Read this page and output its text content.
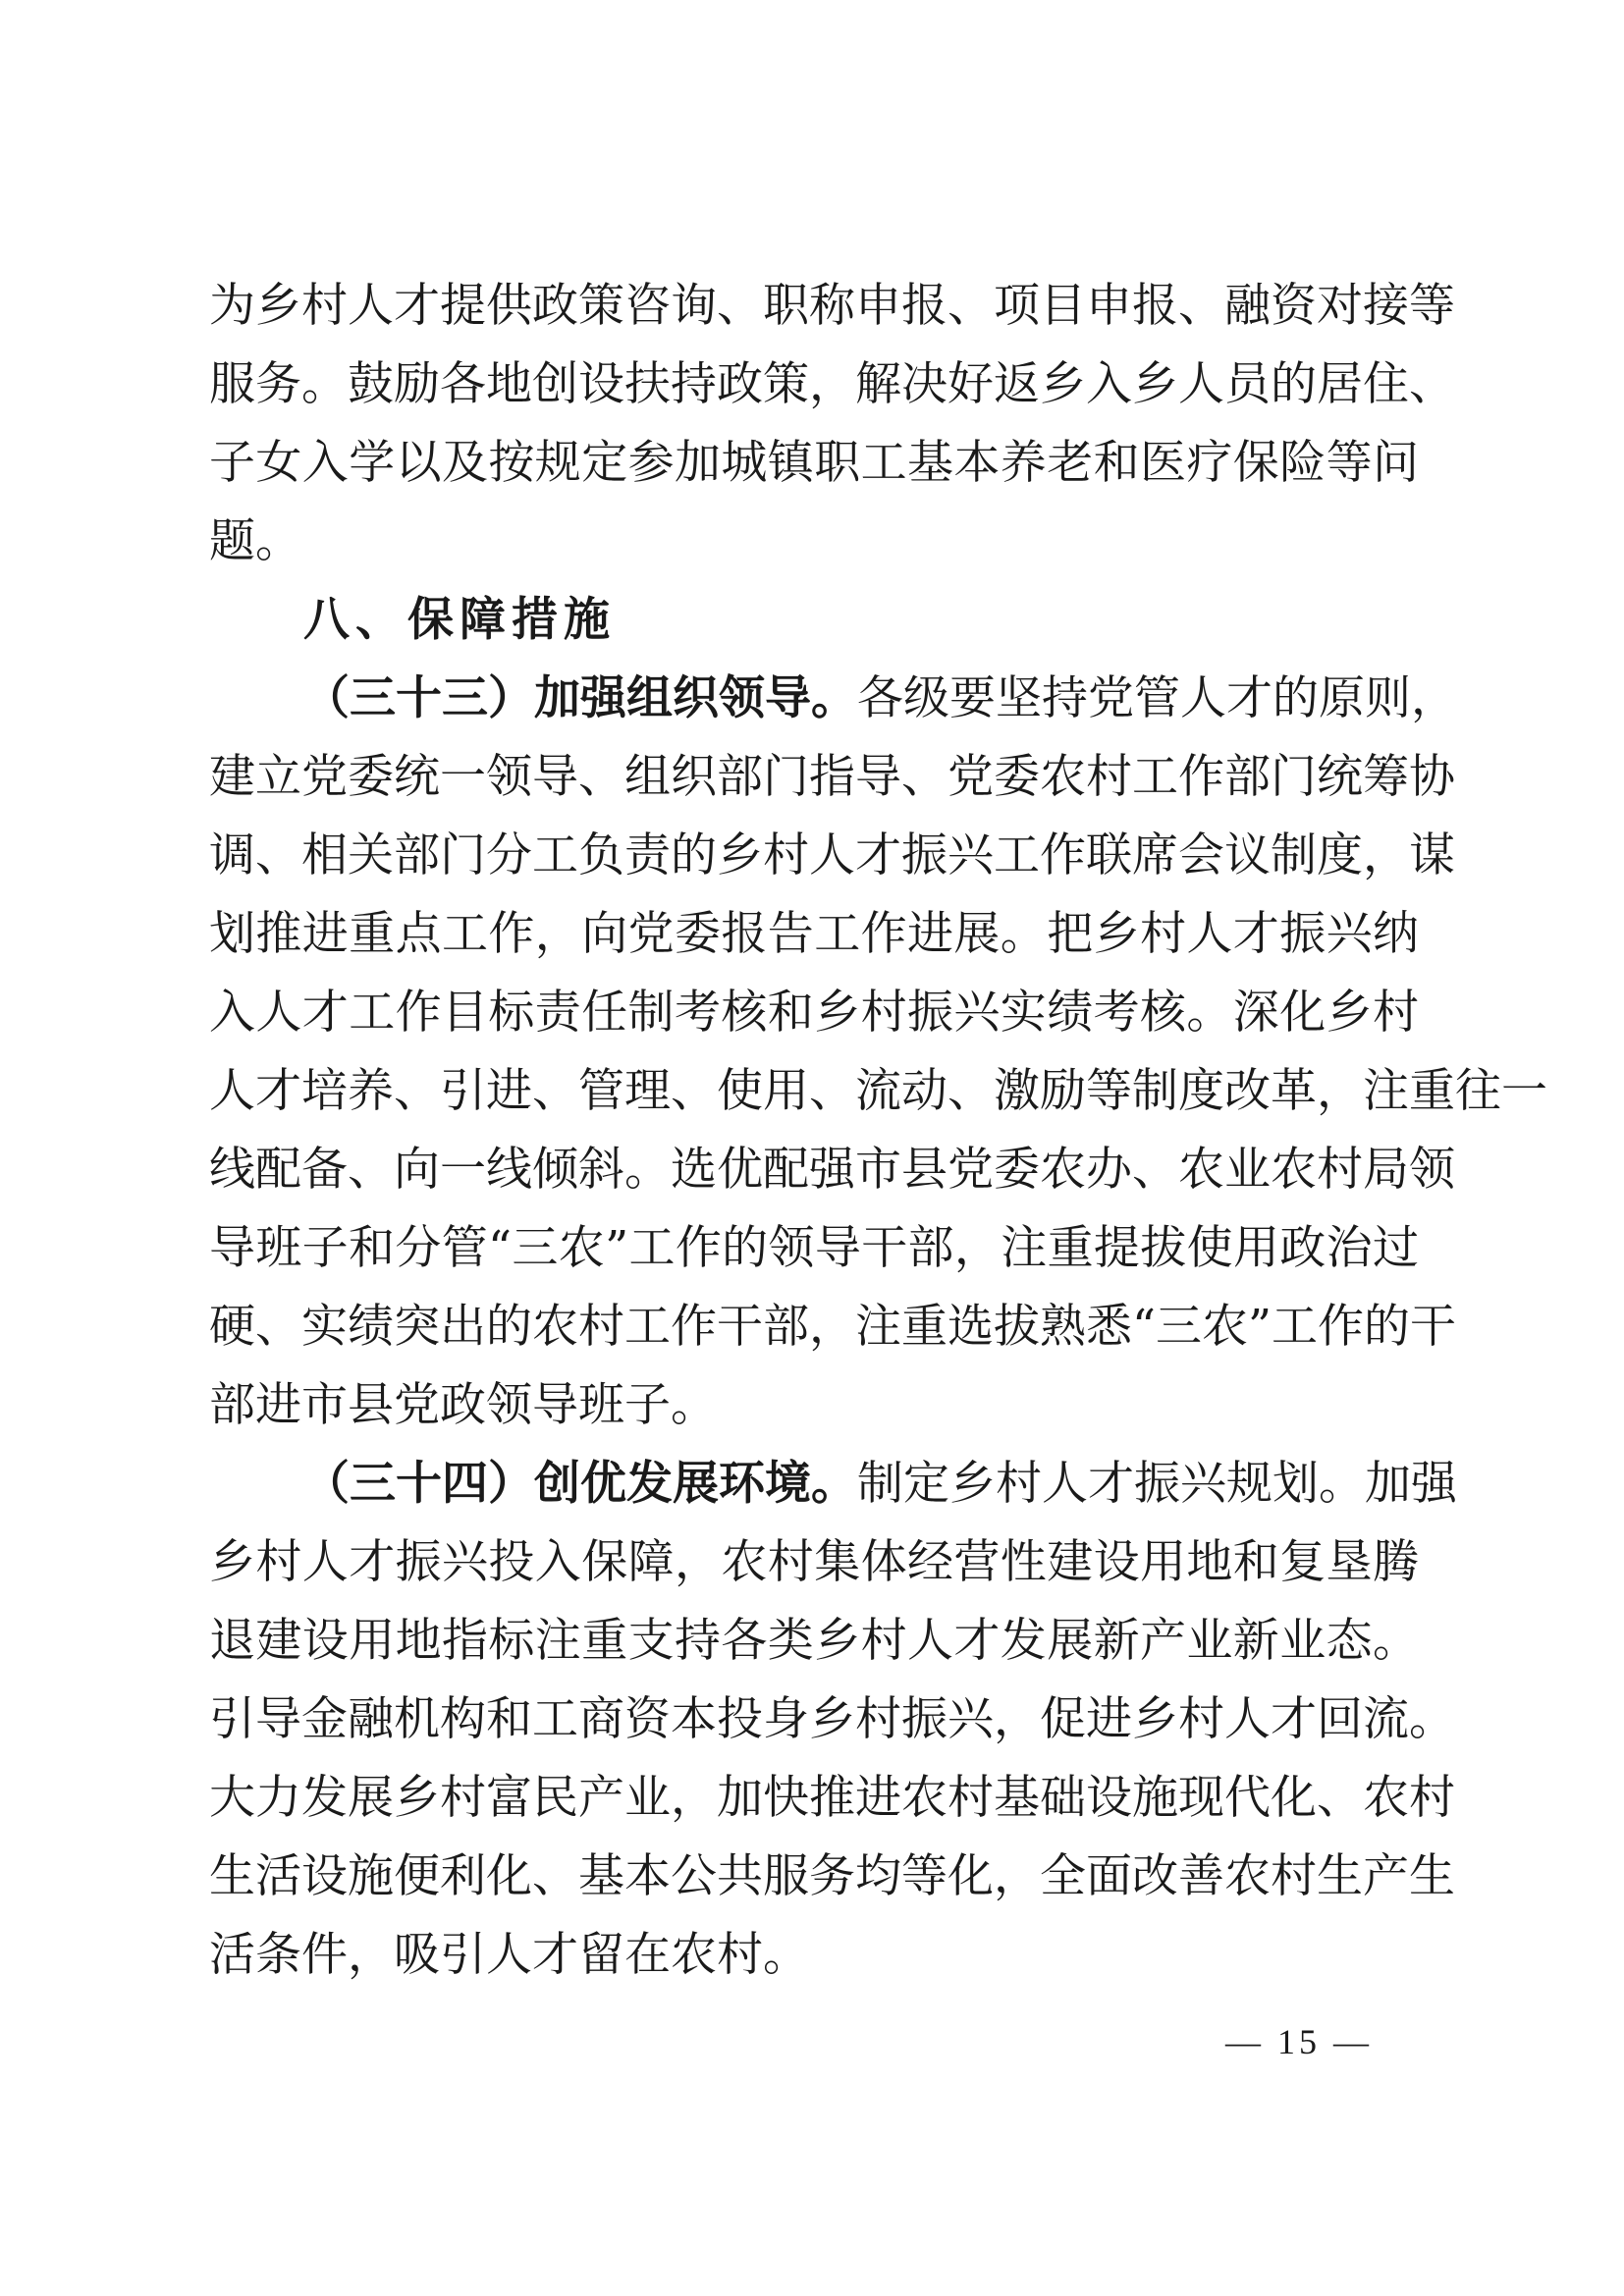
为乡村人才提供政策咨询、职称申报、项目申报、融资对接等
服务。鼓励各地创设扶持政策，解决好返乡入乡人员的居住、
子女入学以及按规定参加城镇职工基本养老和医疗保险等问
题。
八、保障措施
（三十三）加强组织领导。各级要坚持党管人才的原则，
建立党委统一领导、组织部门指导、党委农村工作部门统筹协
调、相关部门分工负责的乡村人才振兴工作联席会议制度，谋
划推进重点工作，向党委报告工作进展。把乡村人才振兴纳
入人才工作目标责任制考核和乡村振兴实绩考核。深化乡村
人才培养、引进、管理、使用、流动、激励等制度改革，注重往一
线配备、向一线倾斜。选优配强市县党委农办、农业农村局领
导班子和分管“三农”工作的领导干部，注重提拔使用政治过
硬、实绩突出的农村工作干部，注重选拔熟悉“三农”工作的干
部进市县党政领导班子。
（三十四）创优发展环境。制定乡村人才振兴规划。加强
乡村人才振兴投入保障，农村集体经营性建设用地和复垦腾
退建设用地指标注重支持各类乡村人才发展新产业新业态。
引导金融机构和工商资本投身乡村振兴，促进乡村人才回流。
大力发展乡村富民产业，加快推进农村基础设施现代化、农村
生活设施便利化、基本公共服务均等化，全面改善农村生产生
活条件，吸引人才留在农村。
— 15 —
